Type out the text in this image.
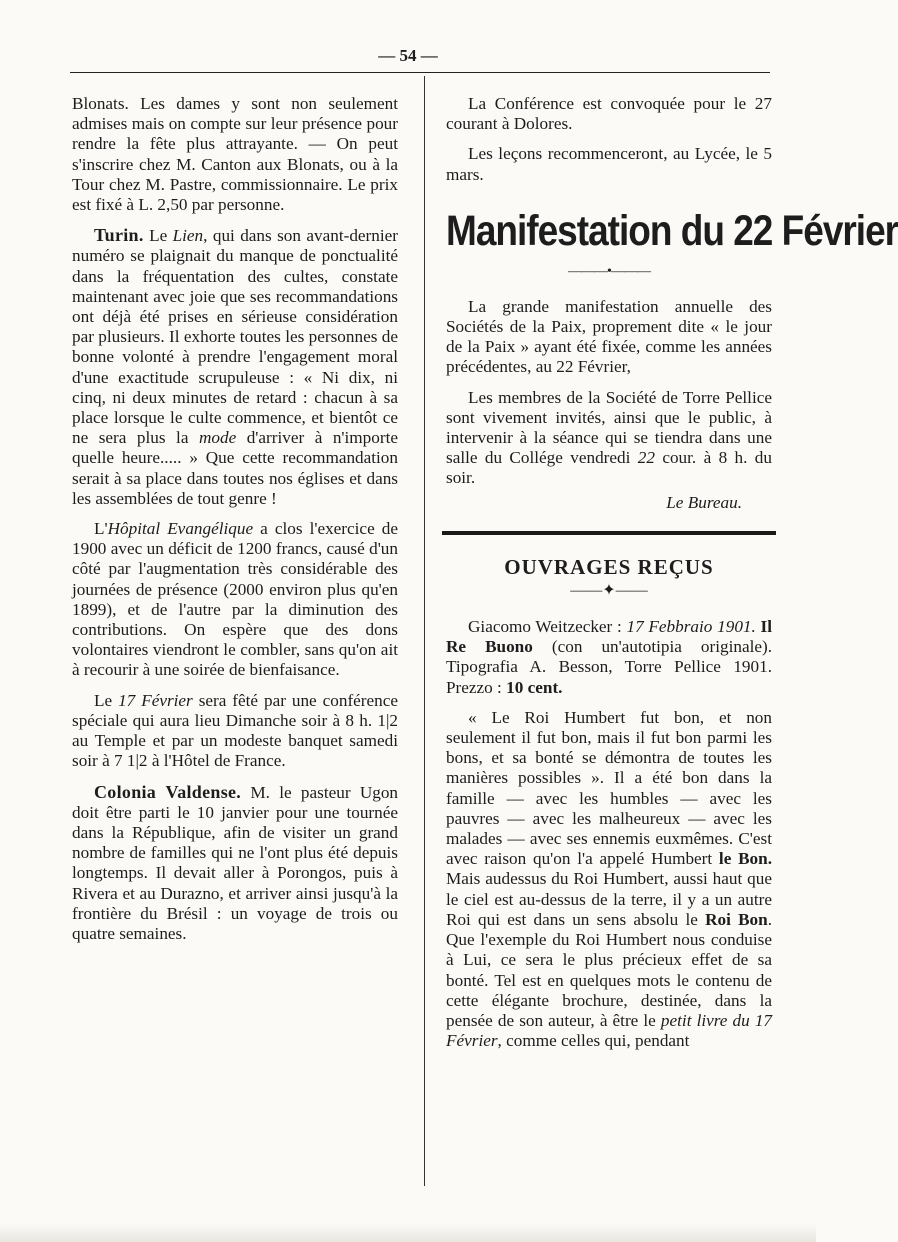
— 54 —

Blonats. Les dames y sont non seulement admises mais on compte sur leur présence pour rendre la fête plus attrayante. — On peut s'inscrire chez M. Canton aux Blonats, ou à la Tour chez M. Pastre, commissionnaire. Le prix est fixé à L. 2,50 par personne.

Turin. Le Lien, qui dans son avant-dernier numéro se plaignait du manque de ponctualité dans la fréquentation des cultes, constate maintenant avec joie que ses recommandations ont déjà été prises en sérieuse considération par plusieurs. Il exhorte toutes les personnes de bonne volonté à prendre l'engagement moral d'une exactitude scrupuleuse : « Ni dix, ni cinq, ni deux minutes de retard : chacun à sa place lorsque le culte commence, et bientôt ce ne sera plus la mode d'arriver à n'importe quelle heure..... » Que cette recommandation serait à sa place dans toutes nos églises et dans les assemblées de tout genre !

L'Hôpital Evangélique a clos l'exercice de 1900 avec un déficit de 1200 francs, causé d'un côté par l'augmentation très considérable des journées de présence (2000 environ plus qu'en 1899), et de l'autre par la diminution des contributions. On espère que des dons volontaires viendront le combler, sans qu'on ait à recourir à une soirée de bienfaisance.

Le 17 Février sera fêté par une conférence spéciale qui aura lieu Dimanche soir à 8 h. 1|2 au Temple et par un modeste banquet samedi soir à 7 1|2 à l'Hôtel de France.

Colonia Valdense. M. le pasteur Ugon doit être parti le 10 janvier pour une tournée dans la République, afin de visiter un grand nombre de familles qui ne l'ont plus été depuis longtemps. Il devait aller à Porongos, puis à Rivera et au Durazno, et arriver ainsi jusqu'à la frontière du Brésil : un voyage de trois ou quatre semaines.

La Conférence est convoquée pour le 27 courant à Dolores.

Les leçons recommenceront, au Lycée, le 5 mars.

Manifestation du 22 Février
———•———

La grande manifestation annuelle des Sociétés de la Paix, proprement dite « le jour de la Paix » ayant été fixée, comme les années précédentes, au 22 Février,

Les membres de la Société de Torre Pellice sont vivement invités, ainsi que le public, à intervenir à la séance qui se tiendra dans une salle du Collége vendredi 22 cour. à 8 h. du soir.

Le Bureau.

OUVRAGES REÇUS
——✦——

Giacomo Weitzecker : 17 Febbraio 1901. Il Re Buono (con un'autotipia originale). Tipografia A. Besson, Torre Pellice 1901. Prezzo : 10 cent.

« Le Roi Humbert fut bon, et non seulement il fut bon, mais il fut bon parmi les bons, et sa bonté se démontra de toutes les manières possibles ». Il a été bon dans la famille — avec les humbles — avec les pauvres — avec les malheureux — avec les malades — avec ses ennemis euxmêmes. C'est avec raison qu'on l'a appelé Humbert le Bon. Mais audessus du Roi Humbert, aussi haut que le ciel est au-dessus de la terre, il y a un autre Roi qui est dans un sens absolu le Roi Bon. Que l'exemple du Roi Humbert nous conduise à Lui, ce sera le plus précieux effet de sa bonté. Tel est en quelques mots le contenu de cette élégante brochure, destinée, dans la pensée de son auteur, à être le petit livre du 17 Février, comme celles qui, pendant
